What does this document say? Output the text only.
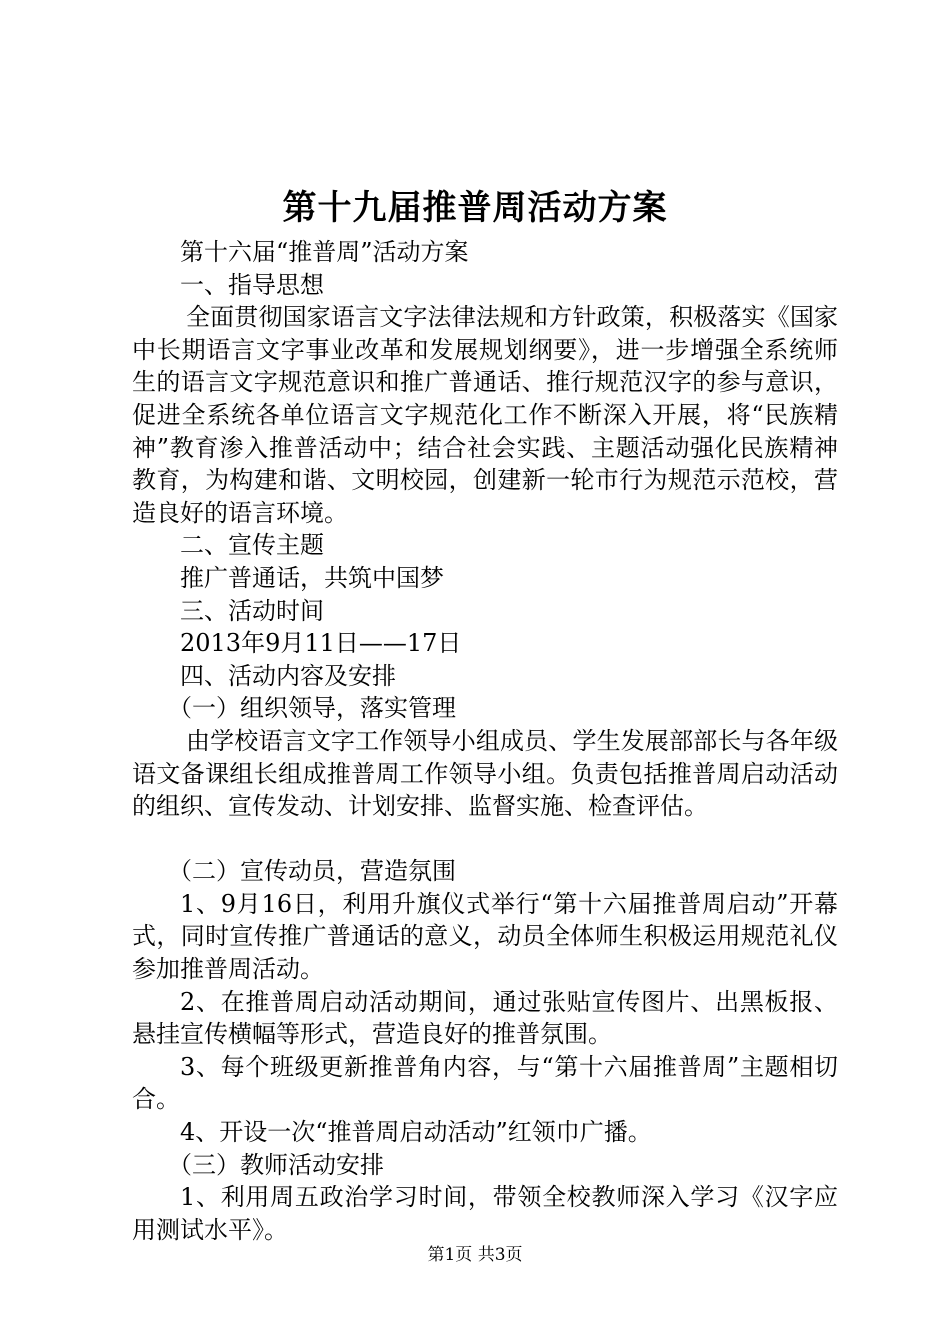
第十九届推普周活动方案

第十六届“推普周”活动方案

一、指导思想

全面贯彻国家语言文字法律法规和方针政策，积极落实《国家中长期语言文字事业改革和发展规划纲要》，进一步增强全系统师生的语言文字规范意识和推广普通话、推行规范汉字的参与意识，促进全系统各单位语言文字规范化工作不断深入开展，将“民族精神”教育渗入推普活动中；结合社会实践、主题活动强化民族精神教育，为构建和谐、文明校园，创建新一轮市行为规范示范校，营造良好的语言环境。

二、宣传主题

推广普通话，共筑中国梦

三、活动时间

2013年9月11日——17日

四、活动内容及安排

（一）组织领导，落实管理

由学校语言文字工作领导小组成员、学生发展部部长与各年级语文备课组长组成推普周工作领导小组。负责包括推普周启动活动的组织、宣传发动、计划安排、监督实施、检查评估。

（二）宣传动员，营造氛围

1、9月16日，利用升旗仪式举行“第十六届推普周启动”开幕式，同时宣传推广普通话的意义，动员全体师生积极运用规范礼仪参加推普周活动。

2、在推普周启动活动期间，通过张贴宣传图片、出黑板报、悬挂宣传横幅等形式，营造良好的推普氛围。

3、每个班级更新推普角内容，与“第十六届推普周”主题相切合。

4、开设一次“推普周启动活动”红领巾广播。

（三）教师活动安排

1、利用周五政治学习时间，带领全校教师深入学习《汉字应用测试水平》。

第1页 共3页
